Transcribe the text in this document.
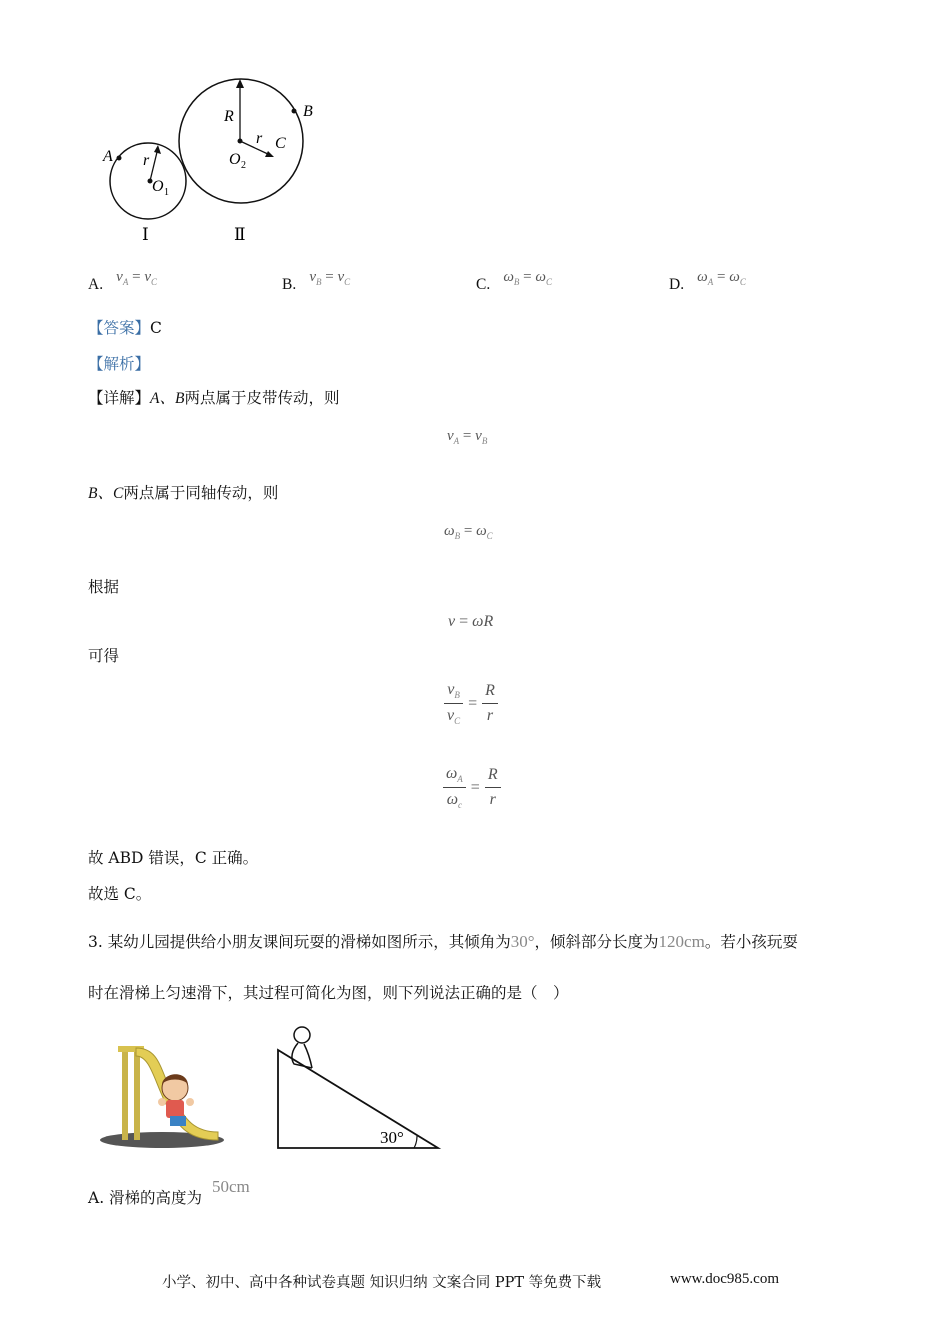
A r
O 1
R
r C
B
O 2
Ⅰ	Ⅱ
A. $v_A = v_C$	B. $v_B = v_C$	C. $\omega_B = \omega_C$	D. $\omega_A = \omega_C$
【答案】C
【解析】
【详解】A、B两点属于皮带传动，则
$v_A = v_B$
B、C两点属于同轴传动，则
$\omega_B = \omega_C$
根据
v = ωR
可得
$\frac{v_B}{v_C} = \frac{R}{r}$
$\frac{\omega_A}{\omega_c} = \frac{R}{r}$
故 ABD 错误，C 正确。
故选 C。
3. 某幼儿园提供给小朋友课间玩耍的滑梯如图所示，其倾角为30°，倾斜部分长度为120cm。若小孩玩耍
时在滑梯上匀速滑下，其过程可简化为图，则下列说法正确的是（　）
30°
A. 滑梯的高度为
50cm
小学、初中、高中各种试卷真题 知识归纳 文案合同 PPT 等免费下载	www.doc985.com
